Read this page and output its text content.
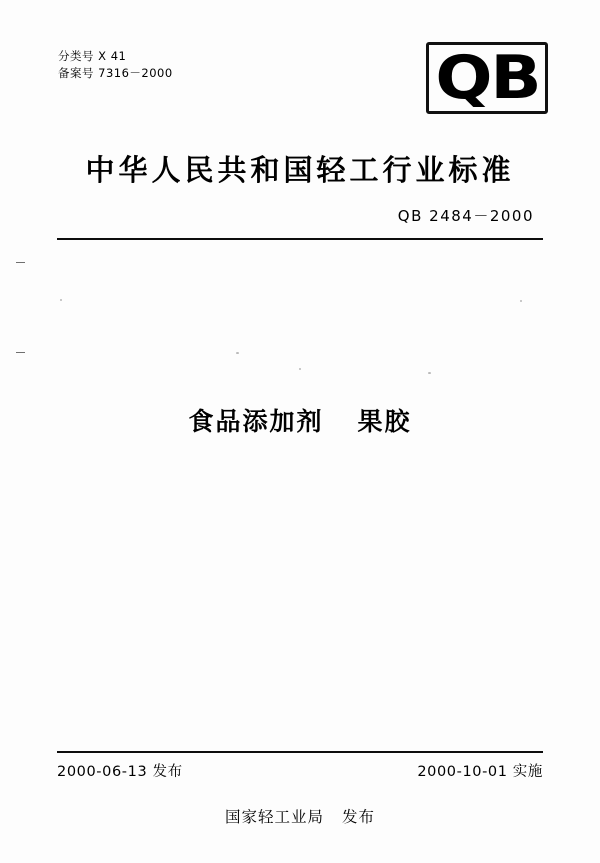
分类号 X 41
备案号 7316－2000	QB
中华人民共和国轻工行业标准
QB 2484－2000
食品添加剂 果胶
2000-06-13 发布	2000-10-01 实施
国家轻工业局 发布
